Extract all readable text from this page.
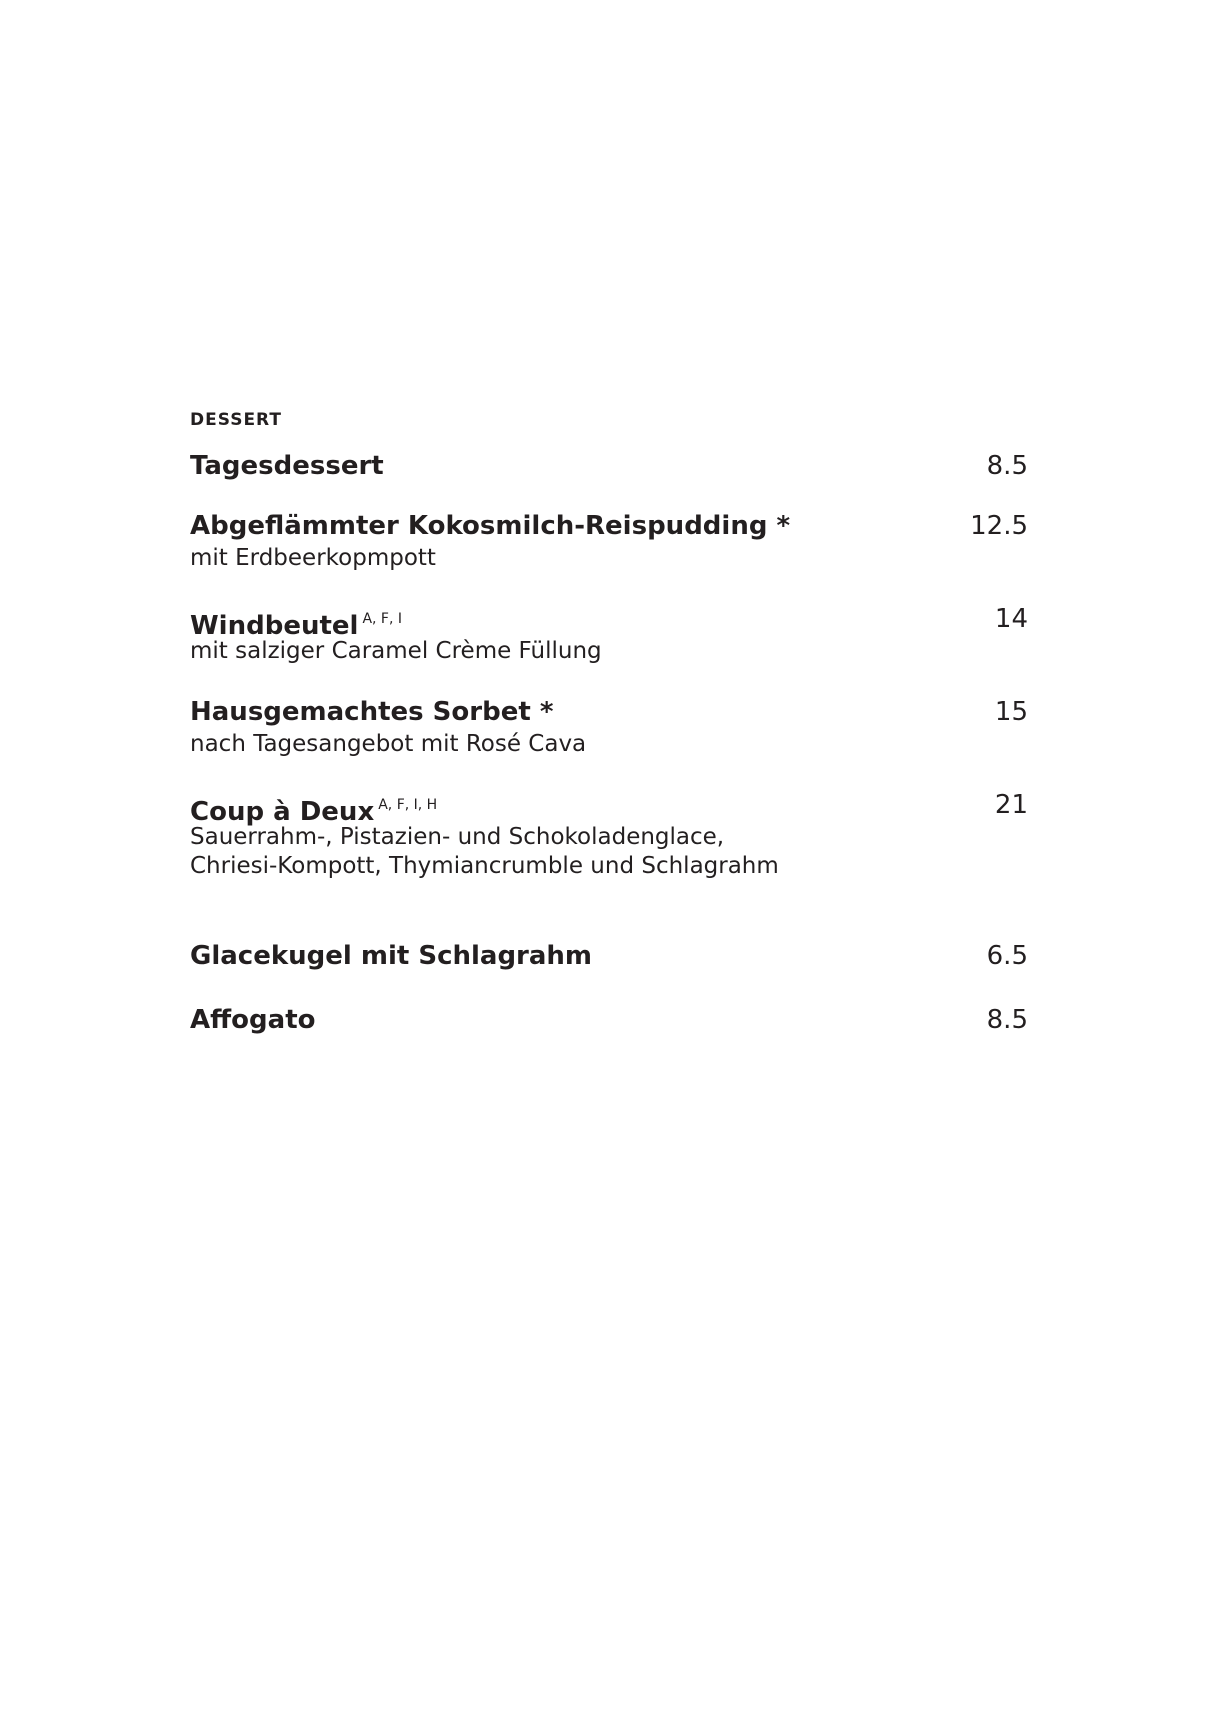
DESSERT
Tagesdessert	8.5
Abgeflämmter Kokosmilch-Reispudding *	12.5
mit Erdbeerkopmpott
Windbeutel $^{A, F, I}$	14
mit salziger Caramel Crème Füllung
Hausgemachtes Sorbet *	15
nach Tagesangebot mit Rosé Cava
Coup à Deux $^{A, F, I, H}$	21
Sauerrahm-, Pistazien- und Schokoladenglace,
Chriesi-Kompott, Thymiancrumble und Schlagrahm
Glacekugel mit Schlagrahm	6.5
Affogato	8.5
